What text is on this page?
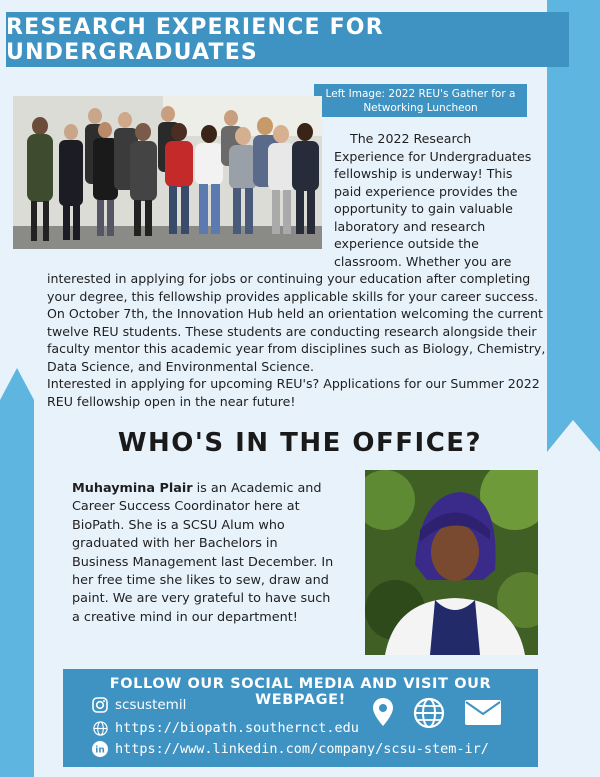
RESEARCH EXPERIENCE FOR UNDERGRADUATES
Left Image: 2022 REU's Gather for a Networking Luncheon
The 2022 Research Experience for Undergraduates fellowship is underway! This paid experience provides the opportunity to gain valuable laboratory and research experience outside the classroom. Whether you are
interested in applying for jobs or continuing your education after completing your degree, this fellowship provides applicable skills for your career success. On October 7th, the Innovation Hub held an orientation welcoming the current twelve REU students. These students are conducting research alongside their faculty mentor this academic year from disciplines such as Biology, Chemistry, Data Science, and Environmental Science.
Interested in applying for upcoming REU's? Applications for our Summer 2022 REU fellowship open in the near future!
WHO'S IN THE OFFICE?
Muhaymina Plair is an Academic and Career Success Coordinator here at BioPath. She is a SCSU Alum who graduated with her Bachelors in Business Management last December. In her free time she likes to sew, draw and paint. We are very grateful to have such a creative mind in our department!
FOLLOW OUR SOCIAL MEDIA AND VISIT OUR WEBPAGE!
scsustemil
https://biopath.southernct.edu
in https://www.linkedin.com/company/scsu-stem-ir/
